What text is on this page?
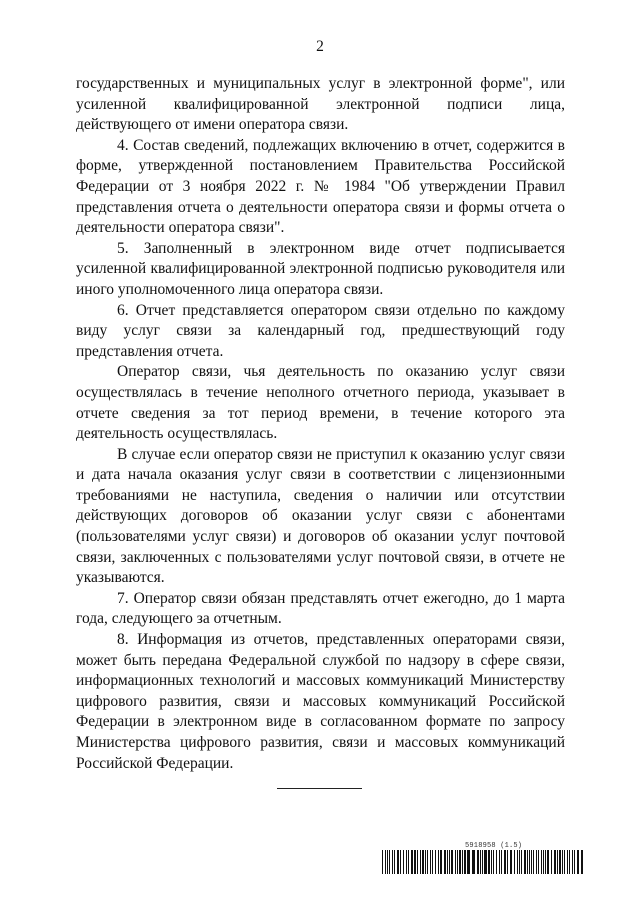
2

государственных и муниципальных услуг в электронной форме", или усиленной квалифицированной электронной подписи лица, действующего от имени оператора связи.

4. Состав сведений, подлежащих включению в отчет, содержится в форме, утвержденной постановлением Правительства Российской Федерации от 3 ноября 2022 г. № 1984 "Об утверждении Правил представления отчета о деятельности оператора связи и формы отчета о деятельности оператора связи".

5. Заполненный в электронном виде отчет подписывается усиленной квалифицированной электронной подписью руководителя или иного уполномоченного лица оператора связи.

6. Отчет представляется оператором связи отдельно по каждому виду услуг связи за календарный год, предшествующий году представления отчета.

Оператор связи, чья деятельность по оказанию услуг связи осуществлялась в течение неполного отчетного периода, указывает в отчете сведения за тот период времени, в течение которого эта деятельность осуществлялась.

В случае если оператор связи не приступил к оказанию услуг связи и дата начала оказания услуг связи в соответствии с лицензионными требованиями не наступила, сведения о наличии или отсутствии действующих договоров об оказании услуг связи с абонентами (пользователями услуг связи) и договоров об оказании услуг почтовой связи, заключенных с пользователями услуг почтовой связи, в отчете не указываются.

7. Оператор связи обязан представлять отчет ежегодно, до 1 марта года, следующего за отчетным.

8. Информация из отчетов, представленных операторами связи, может быть передана Федеральной службой по надзору в сфере связи, информационных технологий и массовых коммуникаций Министерству цифрового развития, связи и массовых коммуникаций Российской Федерации в электронном виде в согласованном формате по запросу Министерства цифрового развития, связи и массовых коммуникаций Российской Федерации.

5918958 (1.5)
